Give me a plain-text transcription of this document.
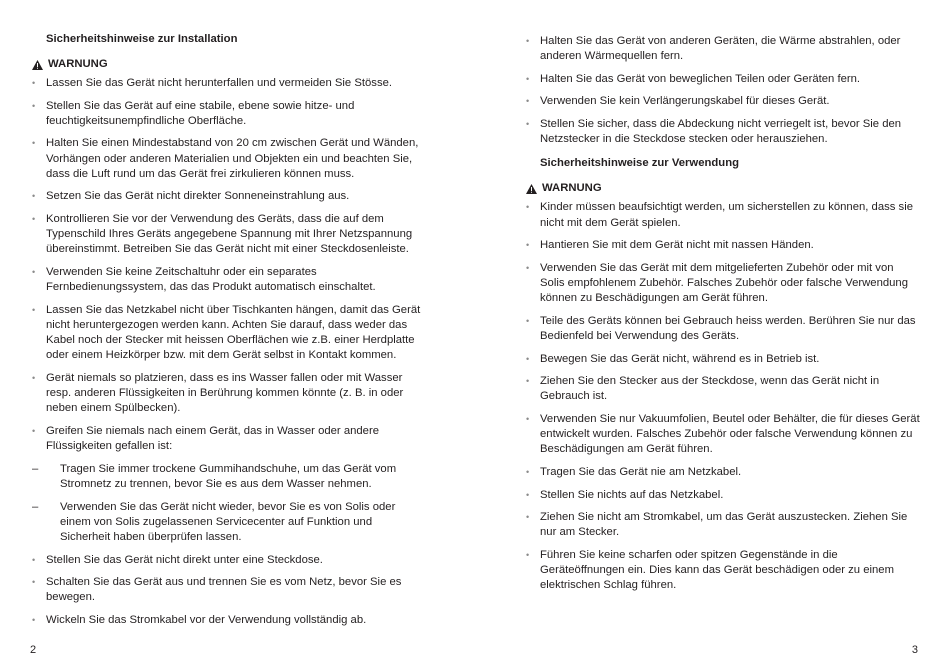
Sicherheitshinweise zur Installation
WARNUNG
• Lassen Sie das Gerät nicht herunterfallen und vermeiden Sie Stösse.
• Stellen Sie das Gerät auf eine stabile, ebene sowie hitze- und feuchtigkeitsunempfindliche Oberfläche.
• Halten Sie einen Mindestabstand von 20 cm zwischen Gerät und Wänden, Vorhängen oder anderen Materialien und Objekten ein und beachten Sie, dass die Luft rund um das Gerät frei zirkulieren können muss.
• Setzen Sie das Gerät nicht direkter Sonneneinstrahlung aus.
• Kontrollieren Sie vor der Verwendung des Geräts, dass die auf dem Typenschild Ihres Geräts angegebene Spannung mit Ihrer Netzspannung übereinstimmt. Betreiben Sie das Gerät nicht mit einer Steckdosenleiste.
• Verwenden Sie keine Zeitschaltuhr oder ein separates Fernbedienungssystem, das das Produkt automatisch einschaltet.
• Lassen Sie das Netzkabel nicht über Tischkanten hängen, damit das Gerät nicht heruntergezogen werden kann. Achten Sie darauf, dass weder das Kabel noch der Stecker mit heissen Oberflächen wie z.B. einer Herdplatte oder einem Heizkörper bzw. mit dem Gerät selbst in Kontakt kommen.
• Gerät niemals so platzieren, dass es ins Wasser fallen oder mit Wasser resp. anderen Flüssigkeiten in Berührung kommen könnte (z. B. in oder neben einem Spülbecken).
• Greifen Sie niemals nach einem Gerät, das in Wasser oder andere Flüssigkeiten gefallen ist:
– Tragen Sie immer trockene Gummihandschuhe, um das Gerät vom Stromnetz zu trennen, bevor Sie es aus dem Wasser nehmen.
– Verwenden Sie das Gerät nicht wieder, bevor Sie es von Solis oder einem von Solis zugelassenen Servicecenter auf Funktion und Sicherheit haben überprüfen lassen.
• Stellen Sie das Gerät nicht direkt unter eine Steckdose.
• Schalten Sie das Gerät aus und trennen Sie es vom Netz, bevor Sie es bewegen.
• Wickeln Sie das Stromkabel vor der Verwendung vollständig ab.
• Halten Sie das Gerät von anderen Geräten, die Wärme abstrahlen, oder anderen Wärmequellen fern.
• Halten Sie das Gerät von beweglichen Teilen oder Geräten fern.
• Verwenden Sie kein Verlängerungskabel für dieses Gerät.
• Stellen Sie sicher, dass die Abdeckung nicht verriegelt ist, bevor Sie den Netzstecker in die Steckdose stecken oder herausziehen.
Sicherheitshinweise zur Verwendung
WARNUNG
• Kinder müssen beaufsichtigt werden, um sicherstellen zu können, dass sie nicht mit dem Gerät spielen.
• Hantieren Sie mit dem Gerät nicht mit nassen Händen.
• Verwenden Sie das Gerät mit dem mitgelieferten Zubehör oder mit von Solis empfohlenem Zubehör. Falsches Zubehör oder falsche Verwendung können zu Beschädigungen am Gerät führen.
• Teile des Geräts können bei Gebrauch heiss werden. Berühren Sie nur das Bedienfeld bei Verwendung des Geräts.
• Bewegen Sie das Gerät nicht, während es in Betrieb ist.
• Ziehen Sie den Stecker aus der Steckdose, wenn das Gerät nicht in Gebrauch ist.
• Verwenden Sie nur Vakuumfolien, Beutel oder Behälter, die für dieses Gerät entwickelt wurden. Falsches Zubehör oder falsche Verwendung können zu Beschädigungen am Gerät führen.
• Tragen Sie das Gerät nie am Netzkabel.
• Stellen Sie nichts auf das Netzkabel.
• Ziehen Sie nicht am Stromkabel, um das Gerät auszustecken. Ziehen Sie nur am Stecker.
• Führen Sie keine scharfen oder spitzen Gegenstände in die Geräteöffnungen ein. Dies kann das Gerät beschädigen oder zu einem elektrischen Schlag führen.
2	3
